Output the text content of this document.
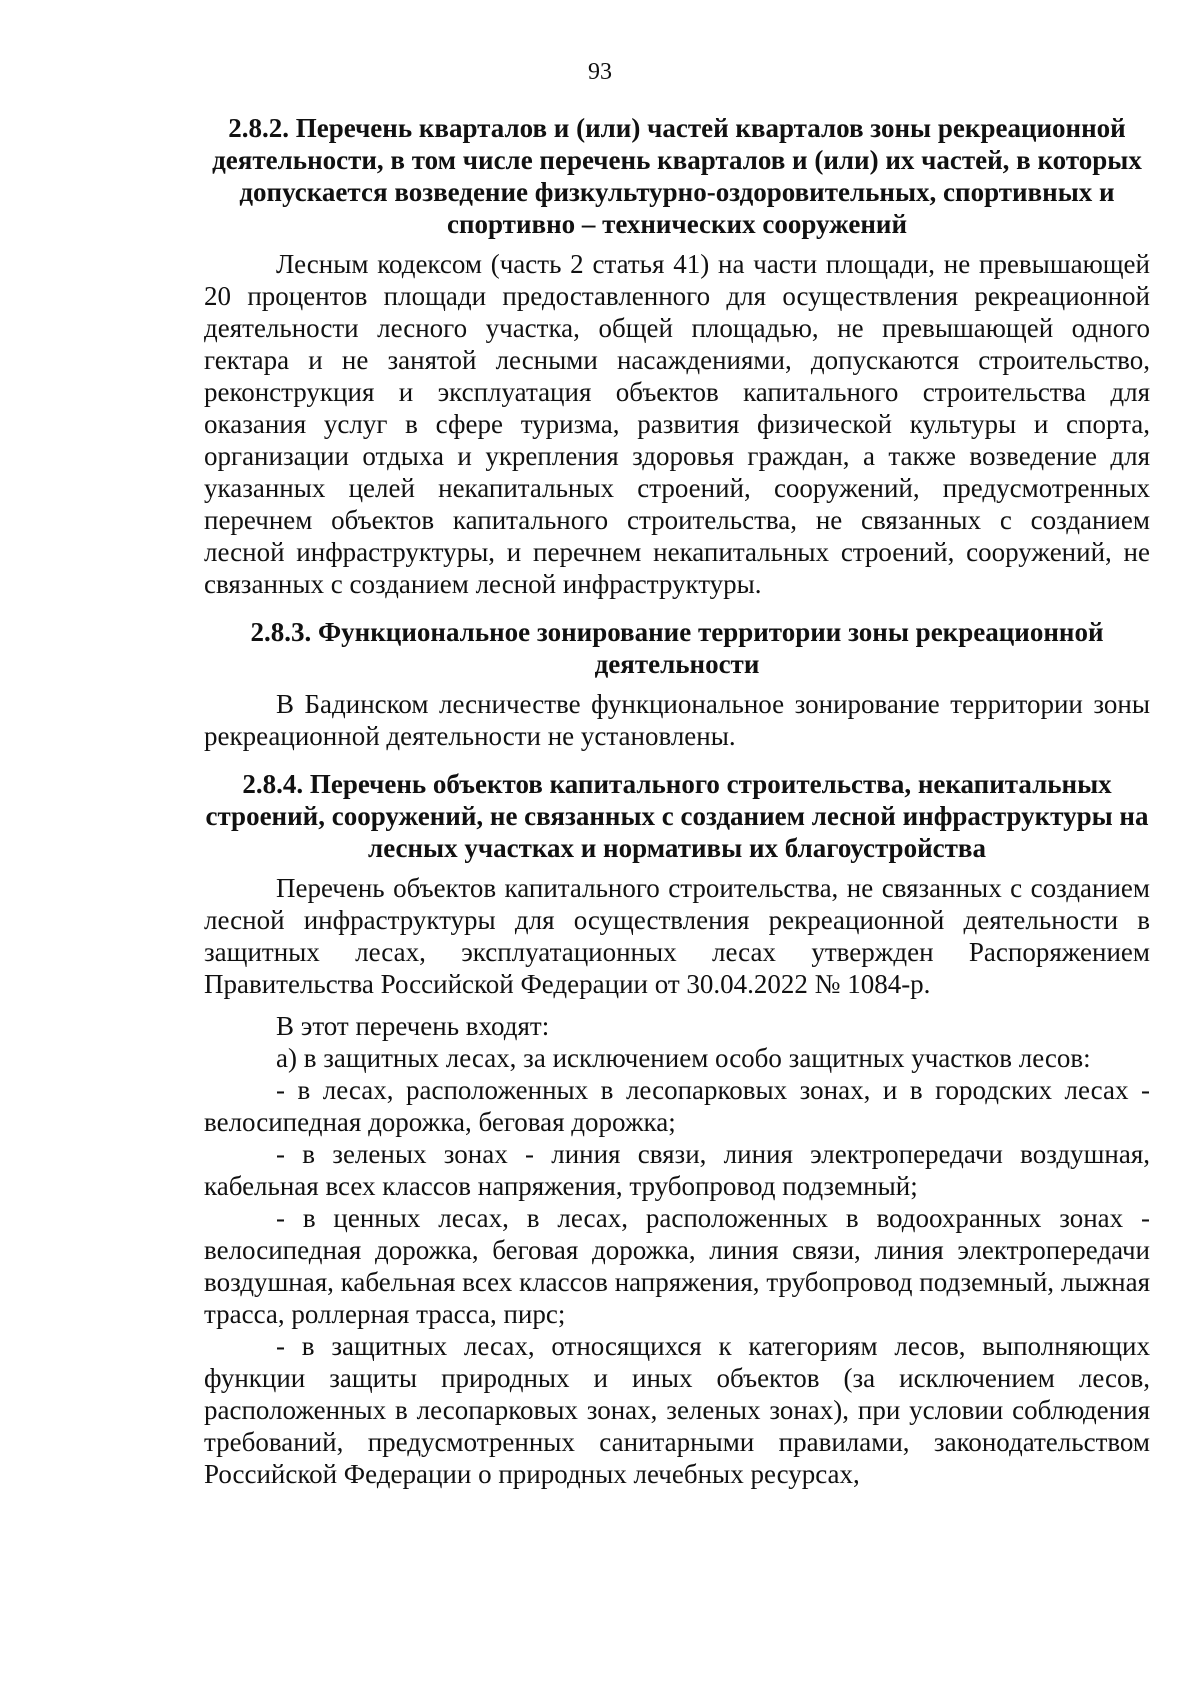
93
2.8.2. Перечень кварталов и (или) частей кварталов зоны рекреационной деятельности, в том числе перечень кварталов и (или) их частей, в которых допускается возведение физкультурно-оздоровительных, спортивных и спортивно – технических сооружений

Лесным кодексом (часть 2 статья 41) на части площади, не превышающей 20 процентов площади предоставленного для осуществления рекреационной деятельности лесного участка, общей площадью, не превышающей одного гектара и не занятой лесными насаждениями, допускаются строительство, реконструкция и эксплуатация объектов капитального строительства для оказания услуг в сфере туризма, развития физической культуры и спорта, организации отдыха и укрепления здоровья граждан, а также возведение для указанных целей некапитальных строений, сооружений, предусмотренных перечнем объектов капитального строительства, не связанных с созданием лесной инфраструктуры, и перечнем некапитальных строений, сооружений, не связанных с созданием лесной инфраструктуры.

2.8.3. Функциональное зонирование территории зоны рекреационной деятельности

В Бадинском лесничестве функциональное зонирование территории зоны рекреационной деятельности не установлены.

2.8.4. Перечень объектов капитального строительства, некапитальных строений, сооружений, не связанных с созданием лесной инфраструктуры на лесных участках и нормативы их благоустройства

Перечень объектов капитального строительства, не связанных с созданием лесной инфраструктуры для осуществления рекреационной деятельности в защитных лесах, эксплуатационных лесах утвержден Распоряжением Правительства Российской Федерации от 30.04.2022 № 1084-р.

В этот перечень входят:

а) в защитных лесах, за исключением особо защитных участков лесов:

- в лесах, расположенных в лесопарковых зонах, и в городских лесах - велосипедная дорожка, беговая дорожка;

- в зеленых зонах - линия связи, линия электропередачи воздушная, кабельная всех классов напряжения, трубопровод подземный;

- в ценных лесах, в лесах, расположенных в водоохранных зонах - велосипедная дорожка, беговая дорожка, линия связи, линия электропередачи воздушная, кабельная всех классов напряжения, трубопровод подземный, лыжная трасса, роллерная трасса, пирс;

- в защитных лесах, относящихся к категориям лесов, выполняющих функции защиты природных и иных объектов (за исключением лесов, расположенных в лесопарковых зонах, зеленых зонах), при условии соблюдения требований, предусмотренных санитарными правилами, законодательством Российской Федерации о природных лечебных ресурсах,
